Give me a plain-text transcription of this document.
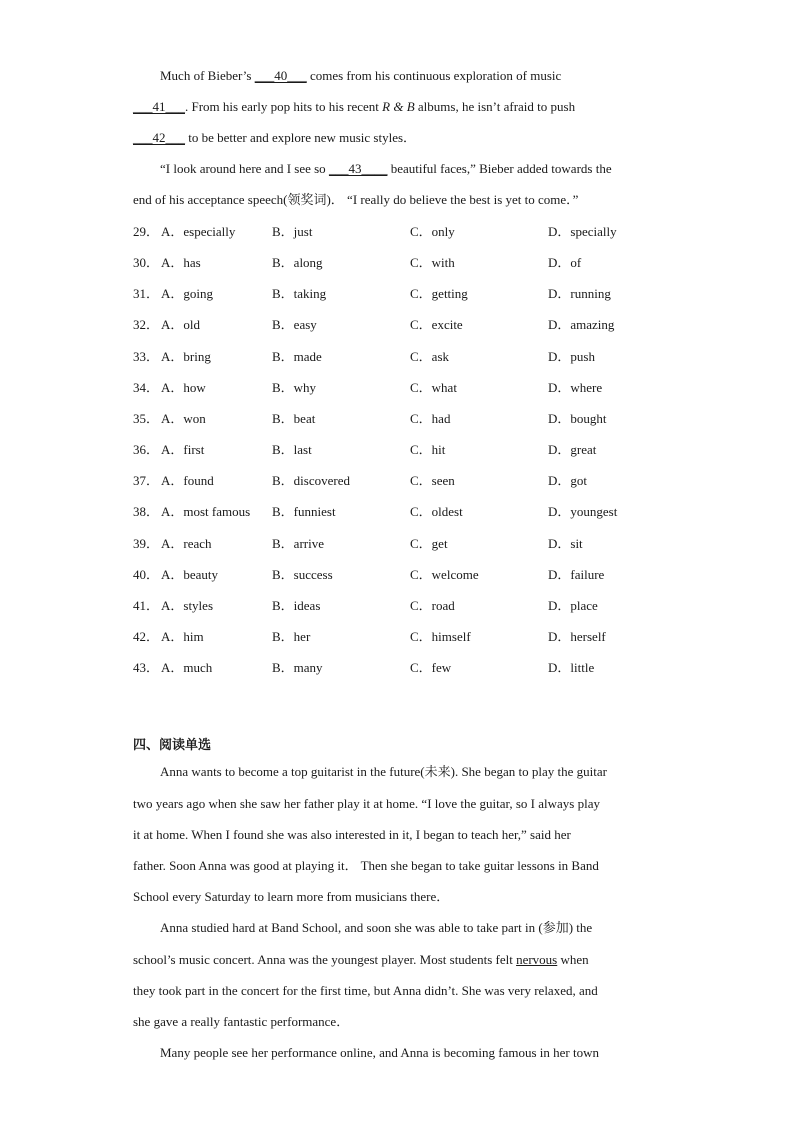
Much of Bieber’s ___40___ comes from his continuous exploration of music
___41___. From his early pop hits to his recent R & B albums, he isn’t afraid to push
___42___ to be better and explore new music styles．
“I look around here and I see so ___43____ beautiful faces,” Bieber added towards the
end of his acceptance speech(领奖词)． “I really do believe the best is yet to come．”
29． A．especially	B．just	C．only	D．specially
30． A．has	B．along	C．with	D．of
31． A．going	B．taking	C．getting	D．running
32． A．old	B．easy	C．excite	D．amazing
33． A．bring	B．made	C．ask	D．push
34． A．how	B．why	C．what	D．where
35． A．won	B．beat	C．had	D．bought
36． A．first	B．last	C．hit	D．great
37． A．found	B．discovered	C．seen	D．got
38． A．most famous B．funniest	C．oldest	D．youngest
39． A．reach	B．arrive	C．get	D．sit
40． A．beauty	B．success	C．welcome	D．failure
41． A．styles	B．ideas	C．road	D．place
42． A．him	B．her	C．himself	D．herself
43． A．much	B．many	C．few	D．little
四、阅读单选
Anna wants to become a top guitarist in the future(未来). She began to play the guitar
two years ago when she saw her father play it at home. “I love the guitar, so I always play
it at home. When I found she was also interested in it, I began to teach her,” said her
father. Soon Anna was good at playing it． Then she began to take guitar lessons in Band
School every Saturday to learn more from musicians there．
Anna studied hard at Band School, and soon she was able to take part in (参加) the
school’s music concert. Anna was the youngest player. Most students felt nervous when
they took part in the concert for the first time, but Anna didn’t. She was very relaxed, and
she gave a really fantastic performance．
Many people see her performance online, and Anna is becoming famous in her town
